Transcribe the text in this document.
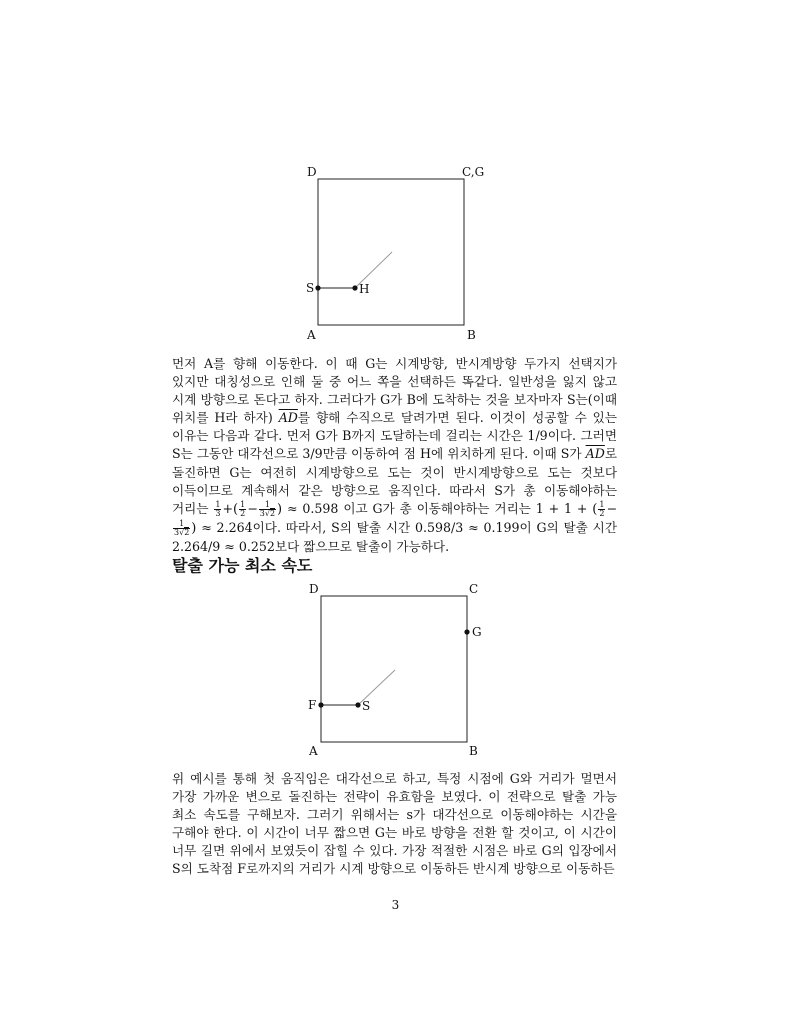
D	C,G
S	H
A	B
D	C
G
F	S
A	B

먼저 A를 향해 이동한다. 이 때 G는 시계방향, 반시계방향 두가지 선택지가 있지만 대칭성으로 인해 둘 중 어느 쪽을 선택하든 똑같다. 일반성을 잃지 않고 시계 방향으로 돈다고 하자. 그러다가 G가 B에 도착하는 것을 보자마자 S는(이때 위치를 H라 하자) $\overline{AD}$를 향해 수직으로 달려가면 된다. 이것이 성공할 수 있는 이유는 다음과 같다. 먼저 G가 B까지 도달하는데 걸리는 시간은 1/9이다. 그러면 S는 그동안 대각선으로 3/9만큼 이동하여 점 H에 위치하게 된다. 이때 S가 $\overline{AD}$로 돌진하면 G는 여전히 시계방향으로 도는 것이 반시계방향으로 도는 것보다 이득이므로 계속해서 같은 방향으로 움직인다. 따라서 S가 총 이동해야하는 거리는 $\frac{1}{3}$ +( $\frac{1}{2} - \frac{1}{3√2}$ ) ≈ 0.598 이고 G가 총 이동해야하는 거리는 1 + 1 + ( $\frac{1}{2}$ −
$\frac{1}{3√2}$ ) ≈ 2.264이다. 따라서, S의 탈출 시간 0.598/3 ≈ 0.199이 G의 탈출 시간 2.264/9 ≈ 0.252보다 짧으므로 탈출이 가능하다.

탈출 가능 최소 속도

위 예시를 통해 첫 움직임은 대각선으로 하고, 특정 시점에 G와 거리가 멀면서 가장 가까운 변으로 돌진하는 전략이 유효함을 보였다. 이 전략으로 탈출 가능 최소 속도를 구해보자. 그러기 위해서는 s가 대각선으로 이동해야하는 시간을 구해야 한다. 이 시간이 너무 짧으면 G는 바로 방향을 전환 할 것이고, 이 시간이 너무 길면 위에서 보였듯이 잡힐 수 있다. 가장 적절한 시점은 바로 G의 입장에서 S의 도착점 F로까지의 거리가 시계 방향으로 이동하든 반시계 방향으로 이동하든

3
